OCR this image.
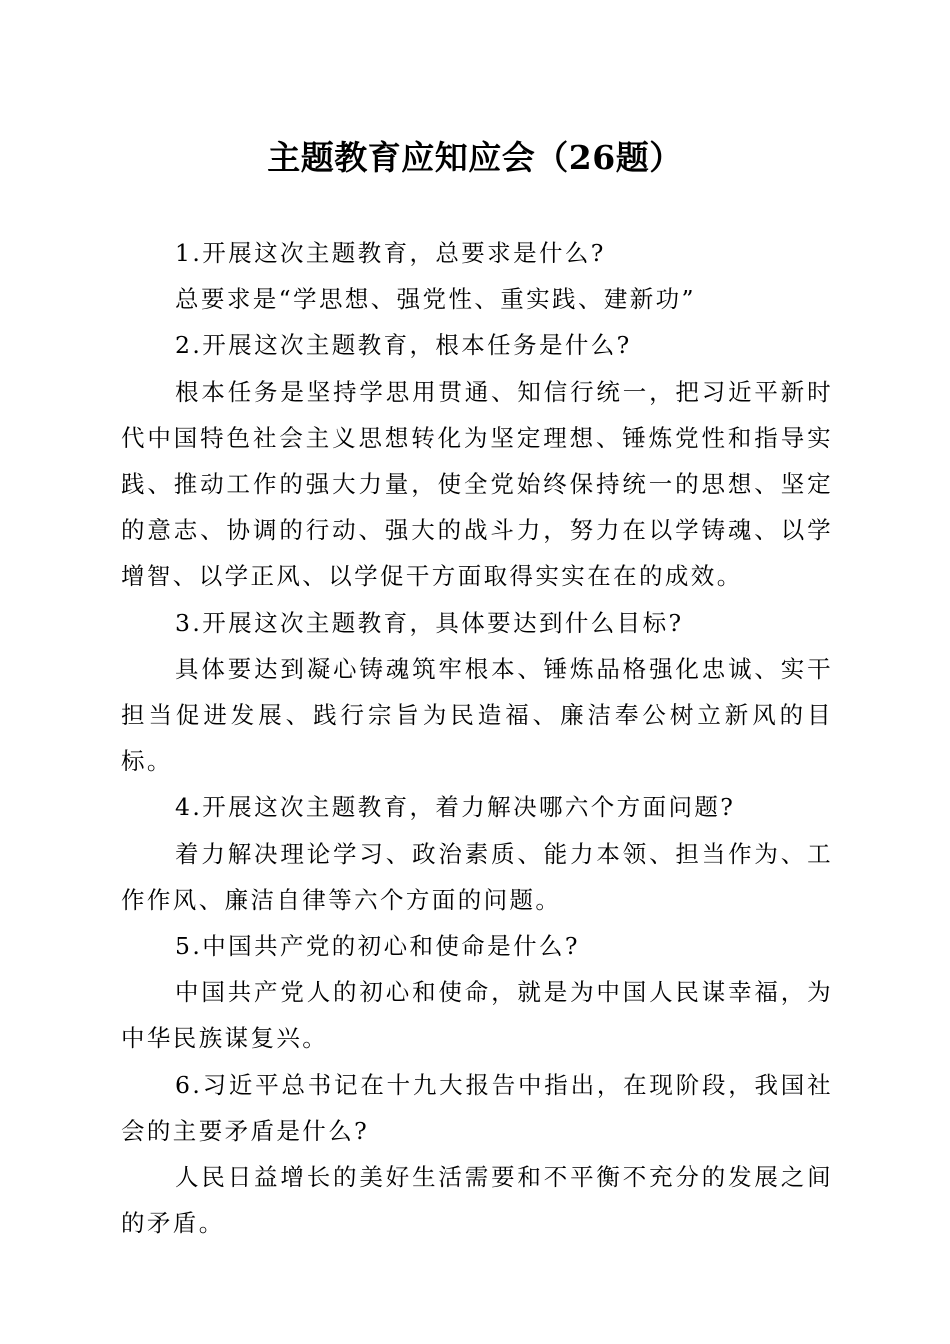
主题教育应知应会（26题）

1.开展这次主题教育，总要求是什么?

总要求是“学思想、强党性、重实践、建新功”

2.开展这次主题教育，根本任务是什么?

根本任务是坚持学思用贯通、知信行统一，把习近平新时代中国特色社会主义思想转化为坚定理想、锤炼党性和指导实践、推动工作的强大力量，使全党始终保持统一的思想、坚定的意志、协调的行动、强大的战斗力，努力在以学铸魂、以学增智、以学正风、以学促干方面取得实实在在的成效。

3.开展这次主题教育，具体要达到什么目标?

具体要达到凝心铸魂筑牢根本、锤炼品格强化忠诚、实干担当促进发展、践行宗旨为民造福、廉洁奉公树立新风的目标。

4.开展这次主题教育，着力解决哪六个方面问题?

着力解决理论学习、政治素质、能力本领、担当作为、工作作风、廉洁自律等六个方面的问题。

5.中国共产党的初心和使命是什么?

中国共产党人的初心和使命，就是为中国人民谋幸福，为中华民族谋复兴。

6.习近平总书记在十九大报告中指出，在现阶段，我国社会的主要矛盾是什么?

人民日益增长的美好生活需要和不平衡不充分的发展之间的矛盾。
